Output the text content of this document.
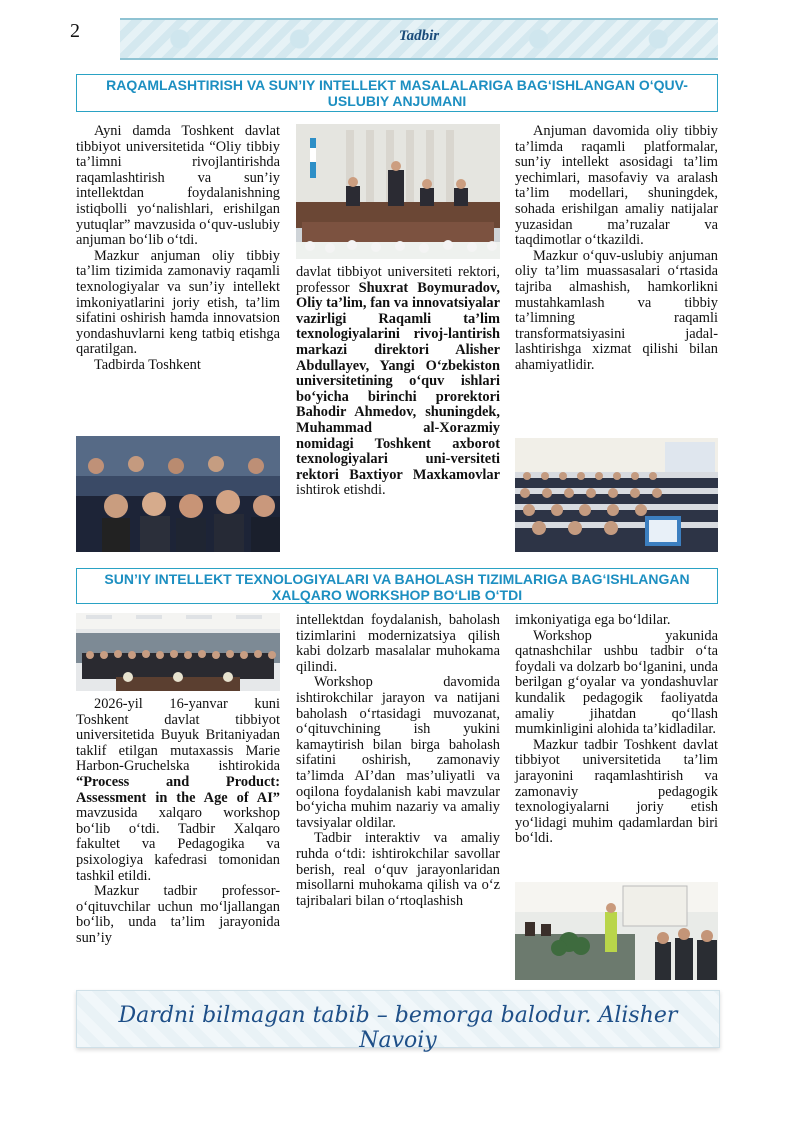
2	Tadbir
RAQAMLASHTIRISH VA SUN’IY INTELLEKT MASALALARIGA BAG‘ISHLANGAN O‘QUV-USLUBIY ANJUMANI

Ayni damda Toshkent davlat tibbiyot universitetida “Oliy tibbiy ta’limni rivojlantirishda raqamlashtirish va sun’iy intellektdan foydalanishning istiqbolli yo‘nalishlari, erishilgan yutuqlar” mavzusida o‘quv-uslubiy anjuman bo‘lib o‘tdi.

Mazkur anjuman oliy tibbiy ta’lim tizimida zamonaviy raqamli texnologiyalar va sun’iy intellekt imkoniyatlarini joriy etish, ta’lim sifatini oshirish hamda innovatsion yondashuvlarni keng tatbiq etishga qaratilgan.

Tadbirda Toshkent

davlat tibbiyot universiteti rektori, professor Shuxrat Boymuradov, Oliy ta’lim, fan va innovatsiyalar vazirligi Raqamli ta’lim texnologiyalarini rivoj-lantirish markazi direktori Alisher Abdullayev, Yangi O‘zbekiston universitetining o‘quv ishlari bo‘yicha birinchi prorektori Bahodir Ahmedov, shuningdek, Muhammad al-Xorazmiy nomidagi Toshkent axborot texnologiyalari uni-versiteti rektori Baxtiyor Maxkamovlar ishtirok etishdi.

Anjuman davomida oliy tibbiy ta’limda raqamli platformalar, sun’iy intellekt asosidagi ta’lim yechimlari, masofaviy va aralash ta’lim modellari, shuningdek, sohada erishilgan amaliy natijalar yuzasidan ma’ruzalar va taqdimotlar o‘tkazildi.

Mazkur o‘quv-uslubiy anjuman oliy ta’lim muassasalari o‘rtasida tajriba almashish, hamkorlikni mustahkamlash va tibbiy ta’limning raqamli transformatsiyasini jadal-lashtirishga xizmat qilishi bilan ahamiyatlidir.

SUN’IY INTELLEKT TEXNOLOGIYALARI VA BAHOLASH TIZIMLARIGA BAG‘ISHLANGAN XALQARO WORKSHOP BO‘LIB O‘TDI

2026-yil 16-yanvar kuni Toshkent davlat tibbiyot universitetida Buyuk Britaniyadan taklif etilgan mutaxassis Marie Harbon-Gruchelska ishtirokida “Process and Product: Assessment in the Age of AI” mavzusida xalqaro workshop bo‘lib o‘tdi. Tadbir Xalqaro fakultet va Pedagogika va psixologiya kafedrasi tomonidan tashkil etildi.

Mazkur tadbir professor-o‘qituvchilar uchun mo‘ljallangan bo‘lib, unda ta’lim jarayonida sun’iy

intellektdan foydalanish, baholash tizimlarini modernizatsiya qilish kabi dolzarb masalalar muhokama qilindi.

Workshop davomida ishtirokchilar jarayon va natijani baholash o‘rtasidagi muvozanat, o‘qituvchining ish yukini kamaytirish bilan birga baholash sifatini oshirish, zamonaviy ta’limda AI’dan mas’uliyatli va oqilona foydalanish kabi mavzular bo‘yicha muhim nazariy va amaliy tavsiyalar oldilar.

Tadbir interaktiv va amaliy ruhda o‘tdi: ishtirokchilar savollar berish, real o‘quv jarayonlaridan misollarni muhokama qilish va o‘z tajribalari bilan o‘rtoqlashish

imkoniyatiga ega bo‘ldilar.

Workshop yakunida qatnashchilar ushbu tadbir o‘ta foydali va dolzarb bo‘lganini, unda berilgan g‘oyalar va yondashuvlar kundalik pedagogik faoliyatda amaliy jihatdan qo‘llash mumkinligini alohida ta’kidladilar.

Mazkur tadbir Toshkent davlat tibbiyot universitetida ta’lim jarayonini raqamlashtirish va zamonaviy pedagogik texnologiyalarni joriy etish yo‘lidagi muhim qadamlardan biri bo‘ldi.

Dardni bilmagan tabib – bemorga balodur. Alisher Navoiy
